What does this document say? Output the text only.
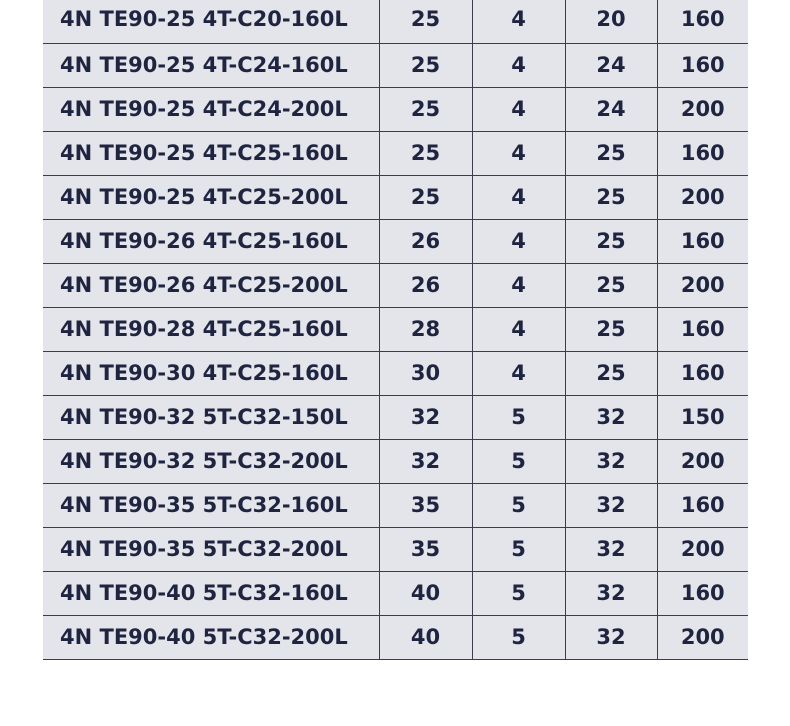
4N TE90-25 4T-C20-160L	25	4	20	160
4N TE90-25 4T-C24-160L	25	4	24	160
4N TE90-25 4T-C24-200L	25	4	24	200
4N TE90-25 4T-C25-160L	25	4	25	160
4N TE90-25 4T-C25-200L	25	4	25	200
4N TE90-26 4T-C25-160L	26	4	25	160
4N TE90-26 4T-C25-200L	26	4	25	200
4N TE90-28 4T-C25-160L	28	4	25	160
4N TE90-30 4T-C25-160L	30	4	25	160
4N TE90-32 5T-C32-150L	32	5	32	150
4N TE90-32 5T-C32-200L	32	5	32	200
4N TE90-35 5T-C32-160L	35	5	32	160
4N TE90-35 5T-C32-200L	35	5	32	200
4N TE90-40 5T-C32-160L	40	5	32	160
4N TE90-40 5T-C32-200L	40	5	32	200
